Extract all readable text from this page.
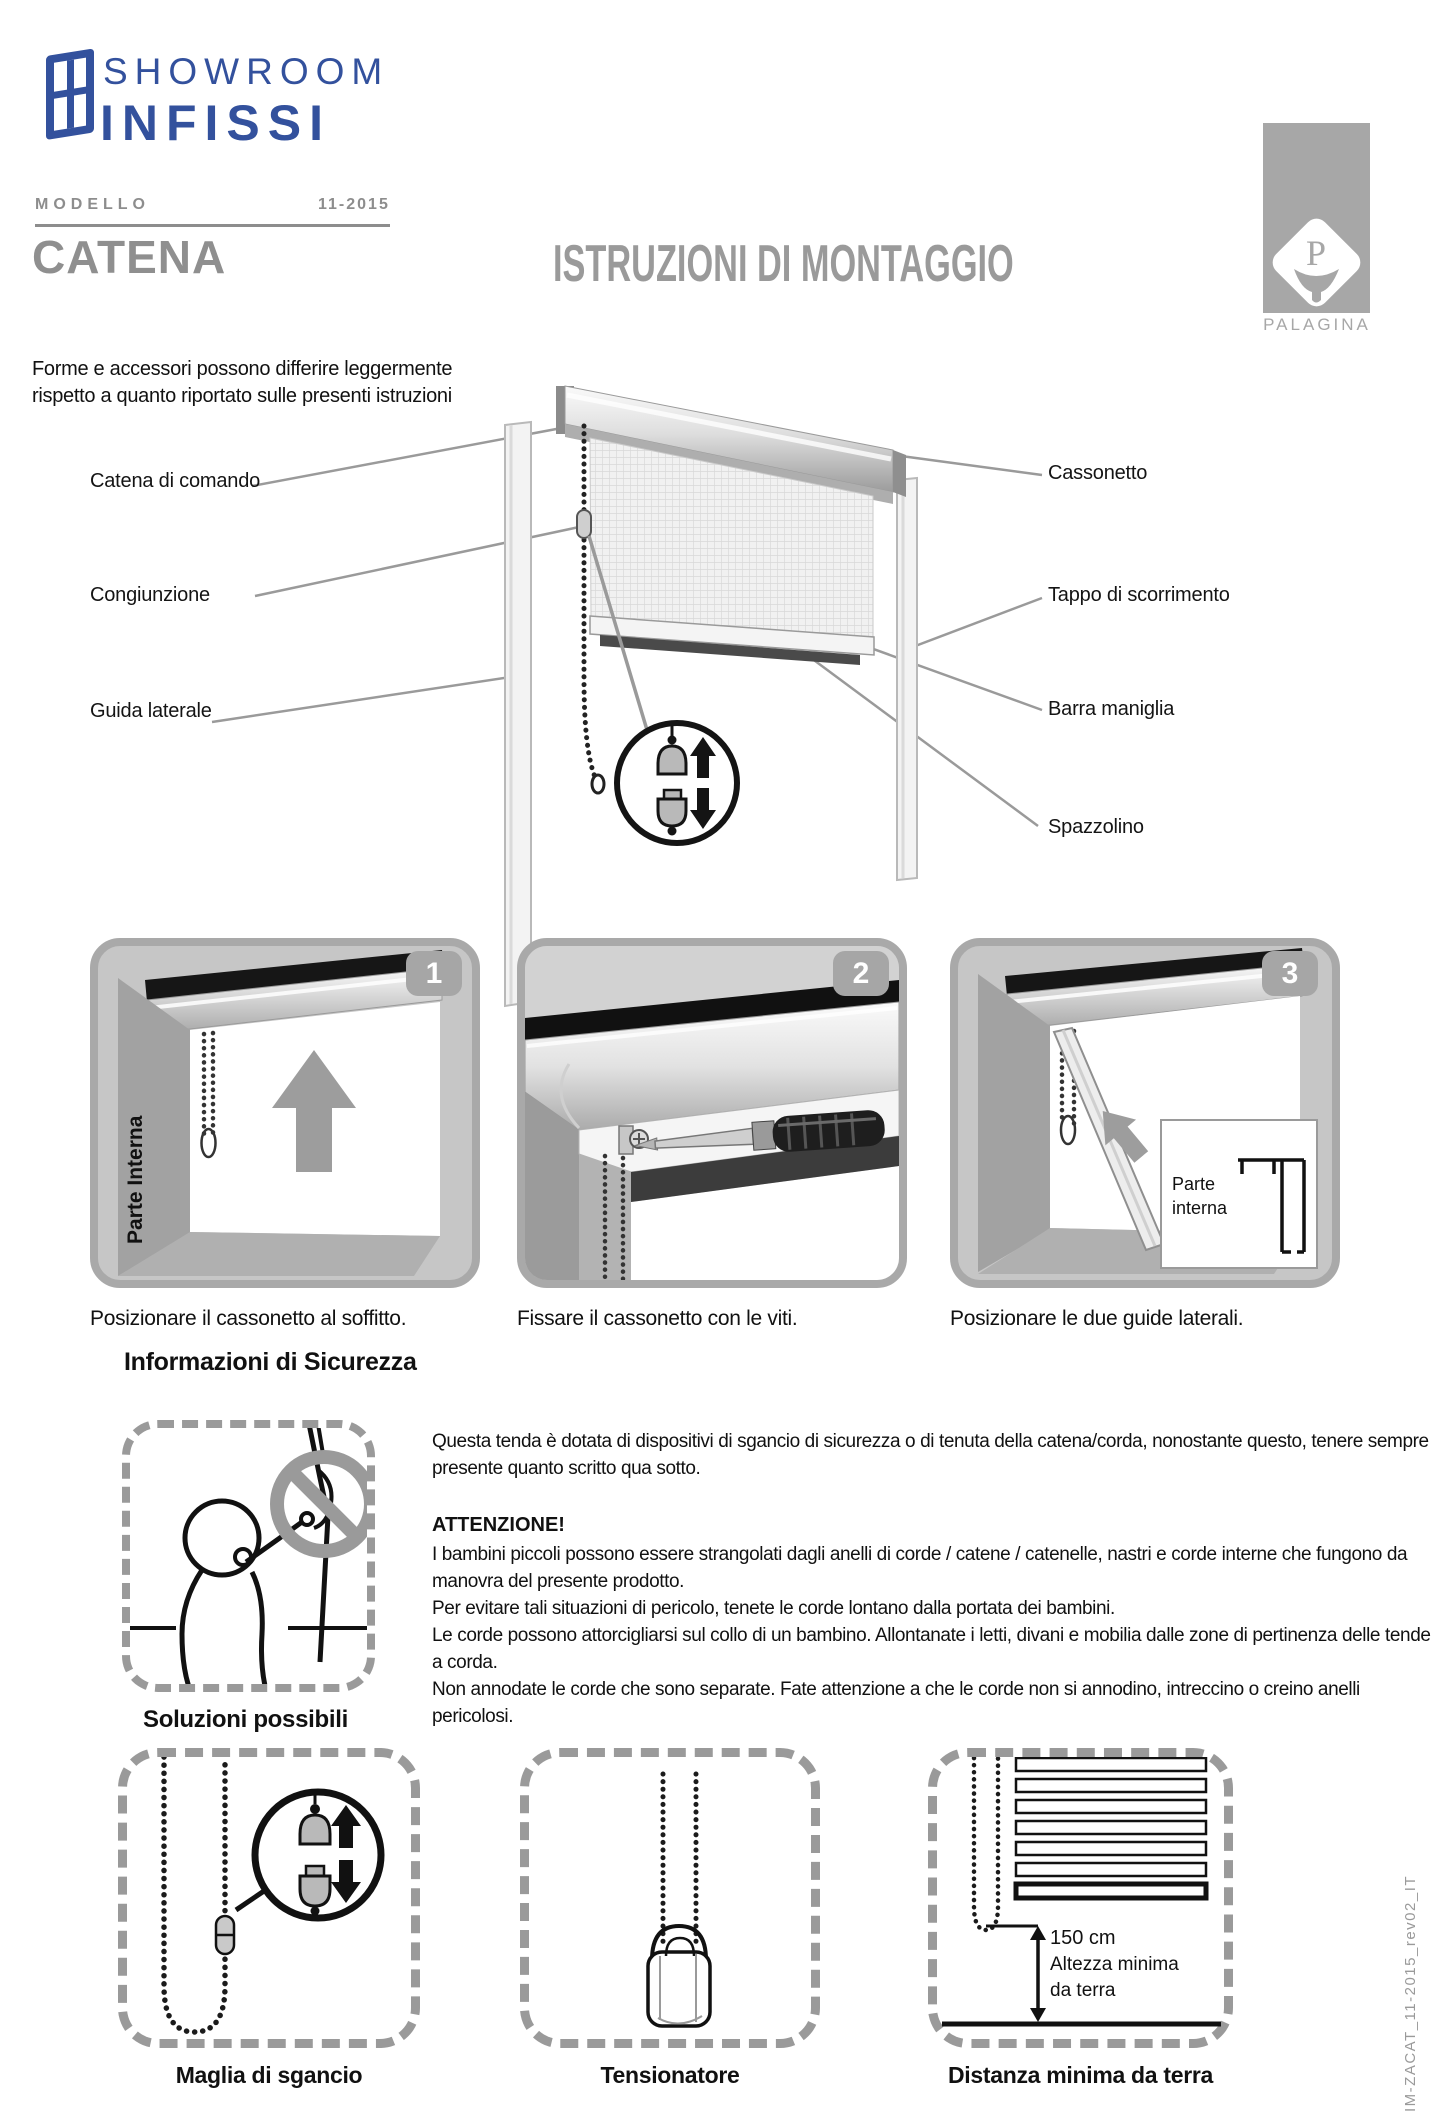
SHOWROOM
INFISSI
MODELLO	11-2015
CATENA	ISTRUZIONI DI MONTAGGIO	P
PALAGINA
Forme e accessori possono differire leggermente
rispetto a quanto riportato sulle presenti istruzioni
Catena di comando
Congiunzione
Guida laterale
Cassonetto
Tappo di scorrimento
Barra maniglia
Spazzolino
Parte Interna
1	2
Parte
interna
3
Posizionare il cassonetto al soffitto.	Fissare il cassonetto con le viti.	Posizionare le due guide laterali.
Informazioni di Sicurezza
Questa tenda è dotata di dispositivi di sgancio di sicurezza o di tenuta della catena/corda, nonostante questo, tenere sempre presente quanto scritto qua sotto.
ATTENZIONE!
I bambini piccoli possono essere strangolati dagli anelli di corde / catene / catenelle, nastri e corde interne che fungono da manovra del presente prodotto.
Per evitare tali situazioni di pericolo, tenete le corde lontano dalla portata dei bambini.
Le corde possono attorcigliarsi sul collo di un bambino. Allontanate i letti, divani e mobilia dalle zone di pertinenza delle tende a corda.
Non annodate le corde che sono separate. Fate attenzione a che le corde non si annodino, intreccino o creino anelli pericolosi.
Soluzioni possibili
150 cm
Altezza minima
da terra
Maglia di sgancio	Tensionatore	Distanza minima da terra	IM-ZACAT_11-2015_rev02_IT
